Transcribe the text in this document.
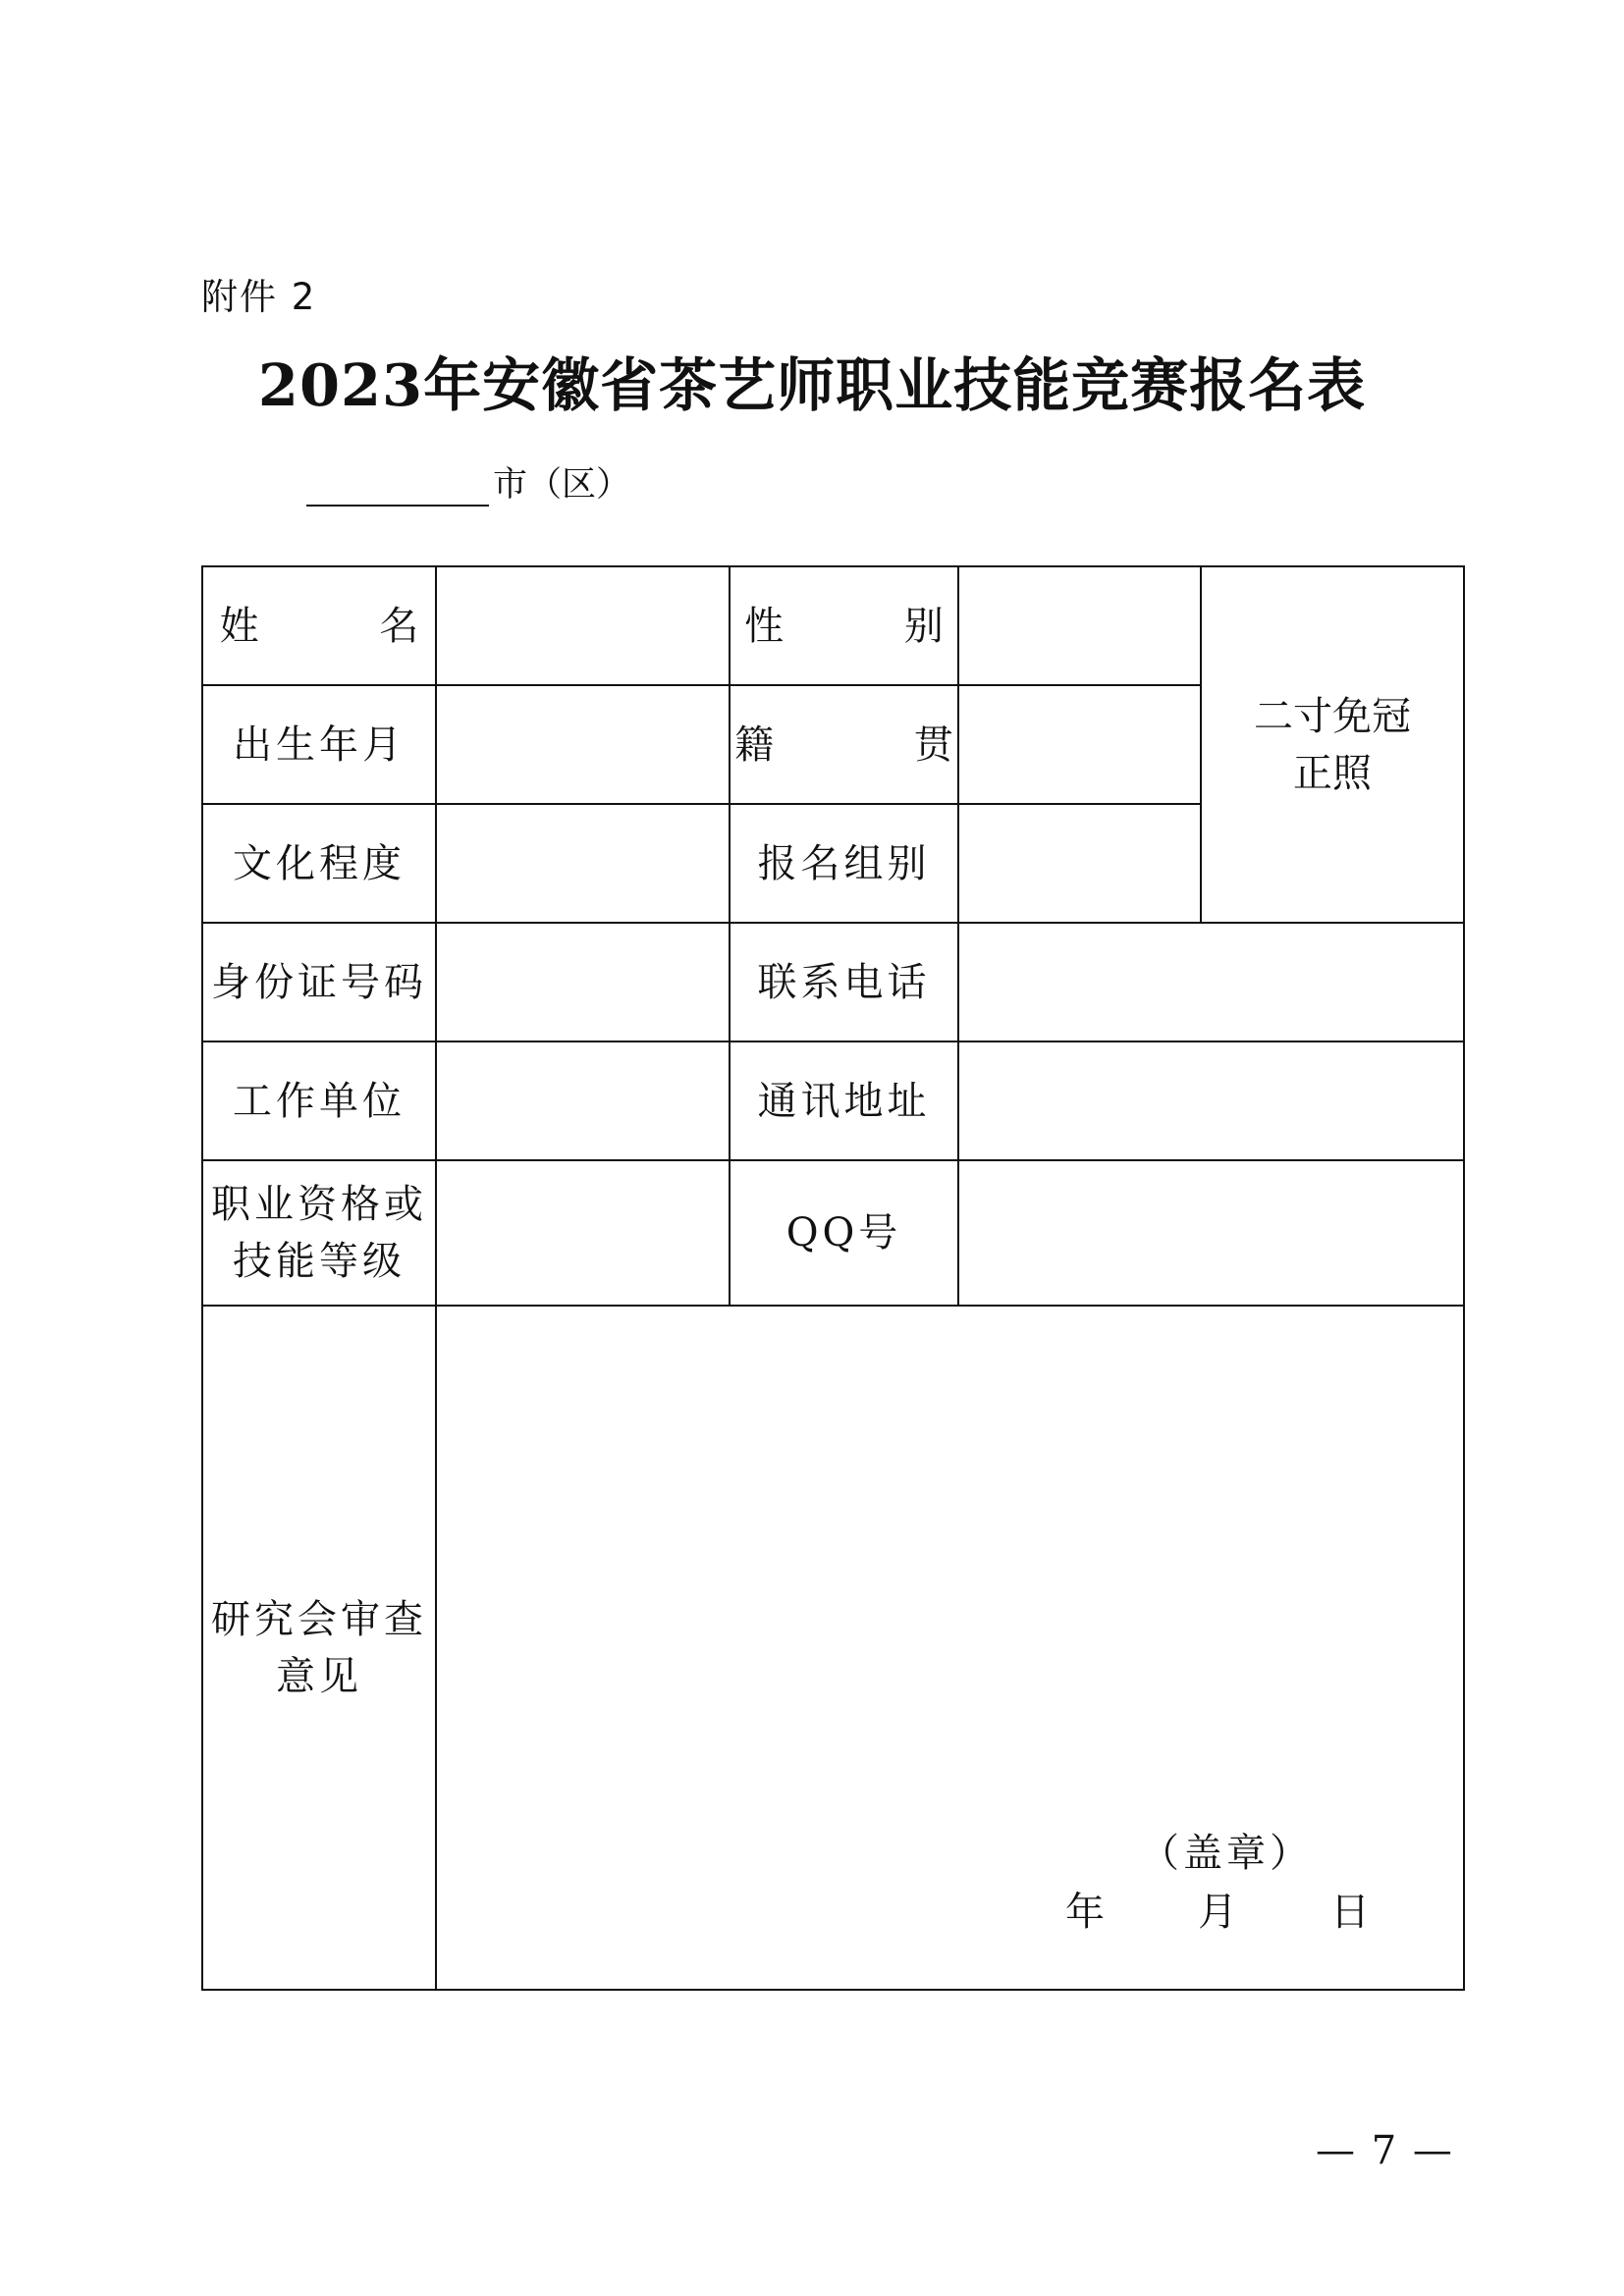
附件 2
2023年安徽省茶艺师职业技能竞赛报名表
市（区）
姓 名		性 别		二寸免冠
正照

出生年月		籍 贯		
文化程度		报名组别		
身份证号码		联系电话		
工作单位		通讯地址		
职业资格或 技能等级		QQ号		
研究会审查 意见				
（盖章）
年	月	日
— 7 —
